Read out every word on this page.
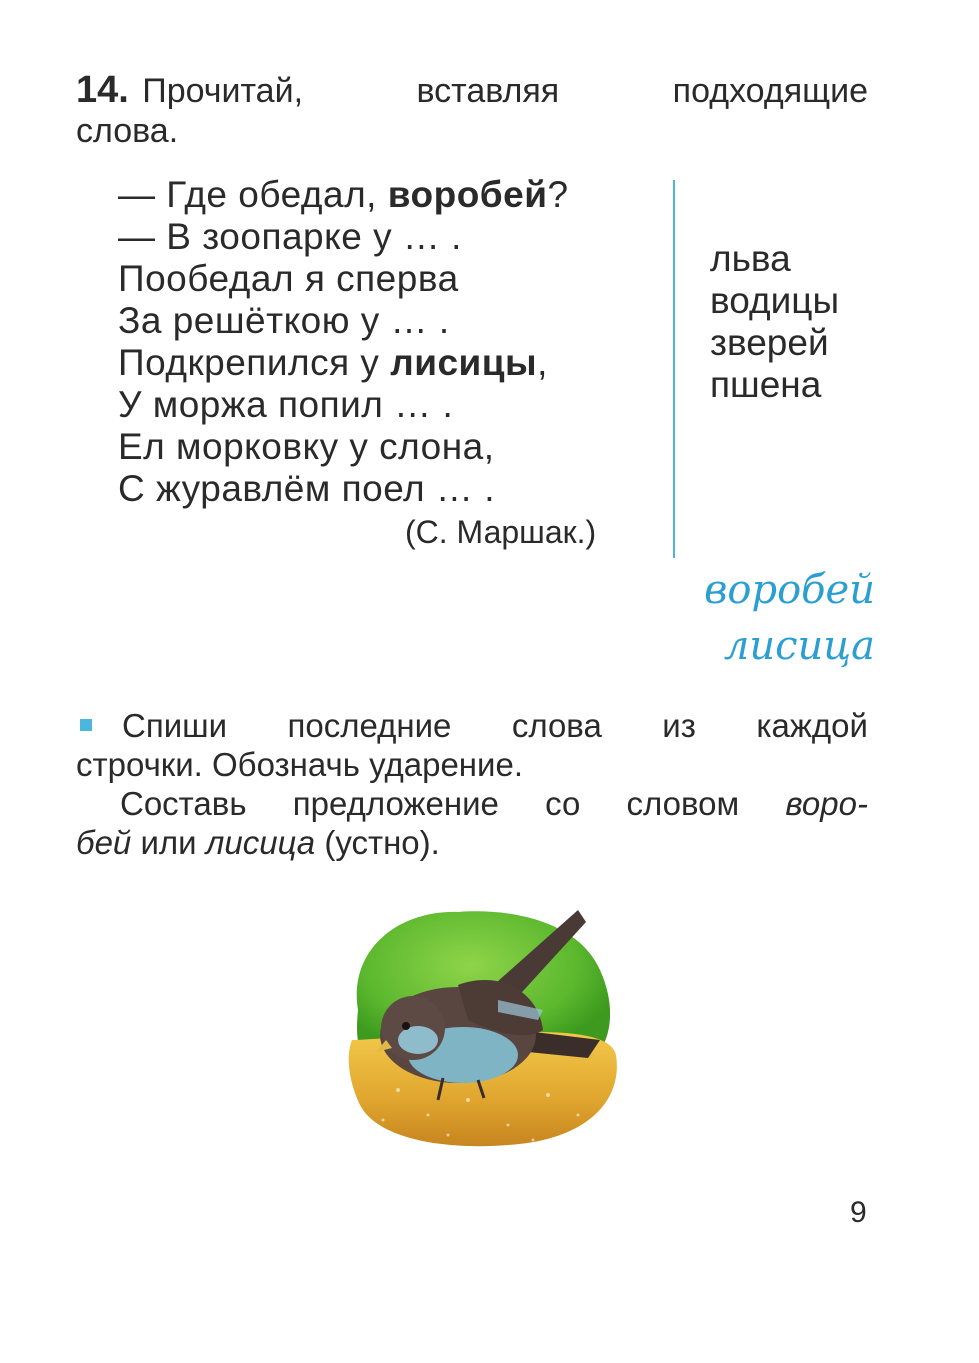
14. Прочитай,	вставляя	подходящие
слова.
— Где обедал, воробей?
— В зоопарке у … .
Пообедал я сперва
За решёткою у … .
Подкрепился у лисицы,
У моржа попил … .
Ел морковку у слона,
С журавлём поел … .
(С. Маршак.)
льва
водицы
зверей
пшена
воробей
лисица
Спиши последние слова из каждой
строчки. Обозначь ударение.
Составь предложение со словом воро-
бей или лисица (устно).
9
